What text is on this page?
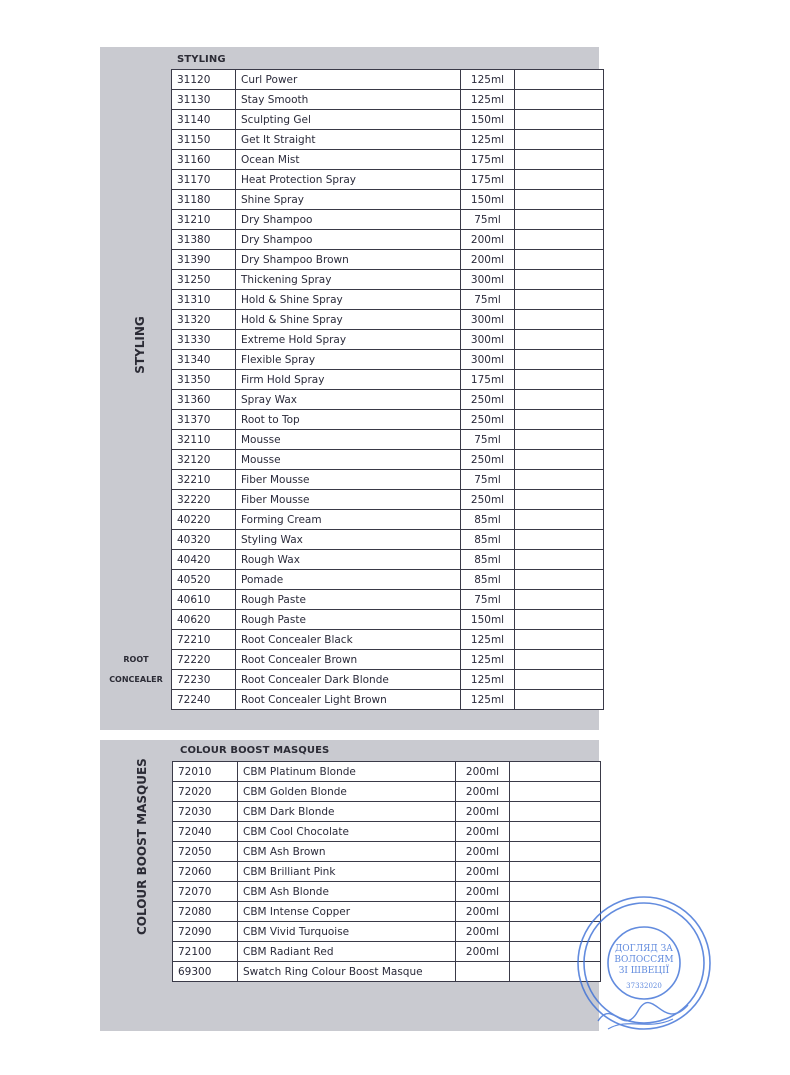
STYLING
STYLING
ROOT
CONCEALER
31120	Curl Power	125ml	
31130	Stay Smooth	125ml	
31140	Sculpting Gel	150ml	
31150	Get It Straight	125ml	
31160	Ocean Mist	175ml	
31170	Heat Protection Spray	175ml	
31180	Shine Spray	150ml	
31210	Dry Shampoo	75ml	
31380	Dry Shampoo	200ml	
31390	Dry Shampoo Brown	200ml	
31250	Thickening Spray	300ml	
31310	Hold & Shine Spray	75ml	
31320	Hold & Shine Spray	300ml	
31330	Extreme Hold Spray	300ml	
31340	Flexible Spray	300ml	
31350	Firm Hold Spray	175ml	
31360	Spray Wax	250ml	
31370	Root to Top	250ml	
32110	Mousse	75ml	
32120	Mousse	250ml	
32210	Fiber Mousse	75ml	
32220	Fiber Mousse	250ml	
40220	Forming Cream	85ml	
40320	Styling Wax	85ml	
40420	Rough Wax	85ml	
40520	Pomade	85ml	
40610	Rough Paste	75ml	
40620	Rough Paste	150ml	
72210	Root Concealer Black	125ml	
72220	Root Concealer Brown	125ml	
72230	Root Concealer Dark Blonde	125ml	
72240	Root Concealer Light Brown	125ml	
COLOUR BOOST MASQUES
COLOUR BOOST MASQUES	72010	CBM Platinum Blonde	200ml	
72020	CBM Golden Blonde	200ml	
72030	CBM Dark Blonde	200ml	
72040	CBM Cool Chocolate	200ml	
72050	CBM Ash Brown	200ml	
72060	CBM Brilliant Pink	200ml	
72070	CBM Ash Blonde	200ml	
72080	CBM Intense Copper	200ml	
72090	CBM Vivid Turquoise	200ml	
72100	CBM Radiant Red	200ml	
69300	Swatch Ring Colour Boost Masque		
ДОГЛЯД ЗА
ВОЛОССЯМ
ЗІ ШВЕЦІЇ
37332020
